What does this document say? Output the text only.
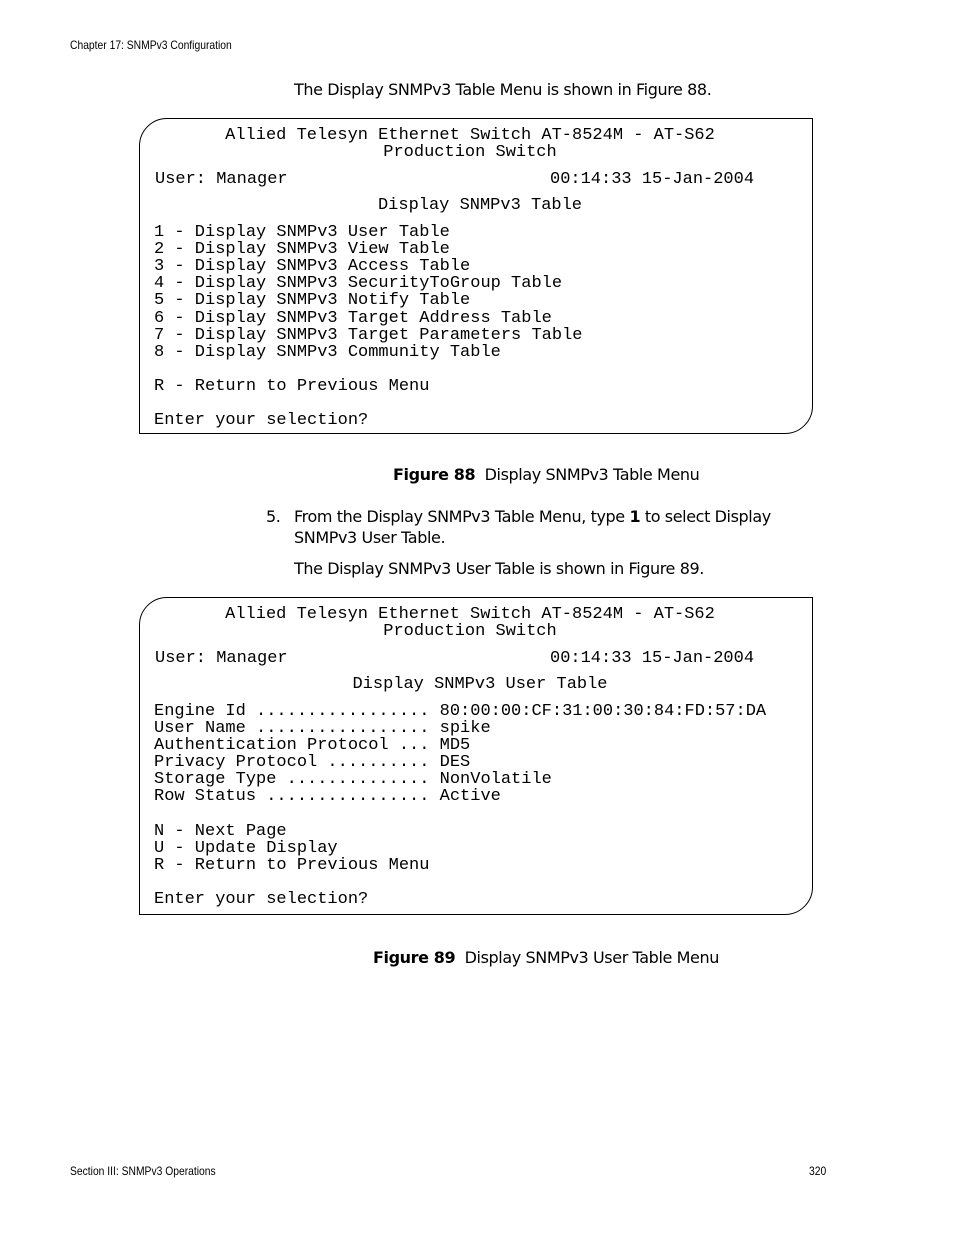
Chapter 17: SNMPv3 Configuration
The Display SNMPv3 Table Menu is shown in Figure 88.
Allied Telesyn Ethernet Switch AT-8524M - AT-S62
Production Switch
User: Manager	00:14:33 15-Jan-2004
Display SNMPv3 Table
1 - Display SNMPv3 User Table
2 - Display SNMPv3 View Table
3 - Display SNMPv3 Access Table
4 - Display SNMPv3 SecurityToGroup Table
5 - Display SNMPv3 Notify Table
6 - Display SNMPv3 Target Address Table
7 - Display SNMPv3 Target Parameters Table
8 - Display SNMPv3 Community Table
R - Return to Previous Menu
Enter your selection?
Figure 88 Display SNMPv3 Table Menu
5. From the Display SNMPv3 Table Menu, type 1 to select Display
SNMPv3 User Table.
The Display SNMPv3 User Table is shown in Figure 89.
Allied Telesyn Ethernet Switch AT-8524M - AT-S62
Production Switch
User: Manager	00:14:33 15-Jan-2004
Display SNMPv3 User Table
Engine Id ................. 80:00:00:CF:31:00:30:84:FD:57:DA
User Name ................. spike
Authentication Protocol ... MD5
Privacy Protocol .......... DES
Storage Type .............. NonVolatile
Row Status ................ Active
N - Next Page
U - Update Display
R - Return to Previous Menu
Enter your selection?
Figure 89 Display SNMPv3 User Table Menu
Section III: SNMPv3 Operations	320
